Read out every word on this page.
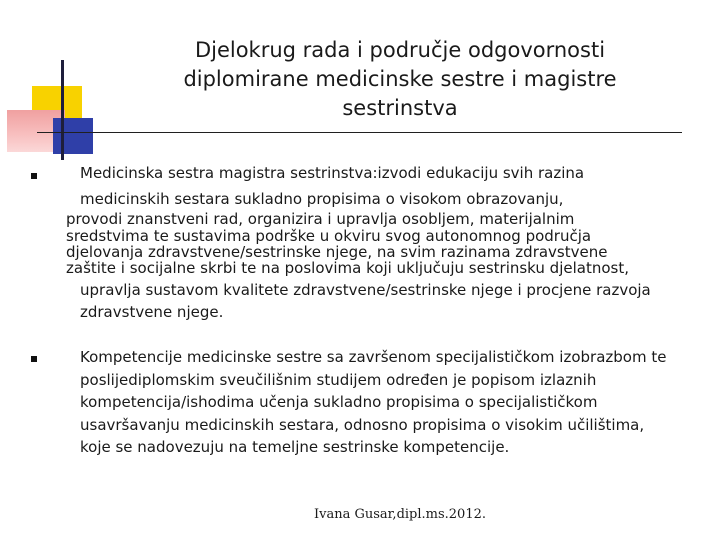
Djelokrug rada i područje odgovornosti
diplomirane medicinske sestre i magistre
sestrinstva
Medicinska sestra magistra sestrinstva:izvodi edukaciju svih razina
medicinskih sestara sukladno propisima o visokom obrazovanju,
provodi znanstveni rad, organizira i upravlja osobljem, materijalnim
sredstvima te sustavima podrške u okviru svog autonomnog područja
djelovanja zdravstvene/sestrinske njege, na svim razinama zdravstvene
zaštite i socijalne skrbi te na poslovima koji uključuju sestrinsku djelatnost,
upravlja sustavom kvalitete zdravstvene/sestrinske njege i procjene razvoja
zdravstvene njege.
Kompetencije medicinske sestre sa završenom specijalističkom izobrazbom te
poslijediplomskim sveučilišnim studijem određen je popisom izlaznih
kompetencija/ishodima učenja sukladno propisima o specijalističkom
usavršavanju medicinskih sestara, odnosno propisima o visokim učilištima,
koje se nadovezuju na temeljne sestrinske kompetencije.
Ivana Gusar,dipl.ms.2012.
